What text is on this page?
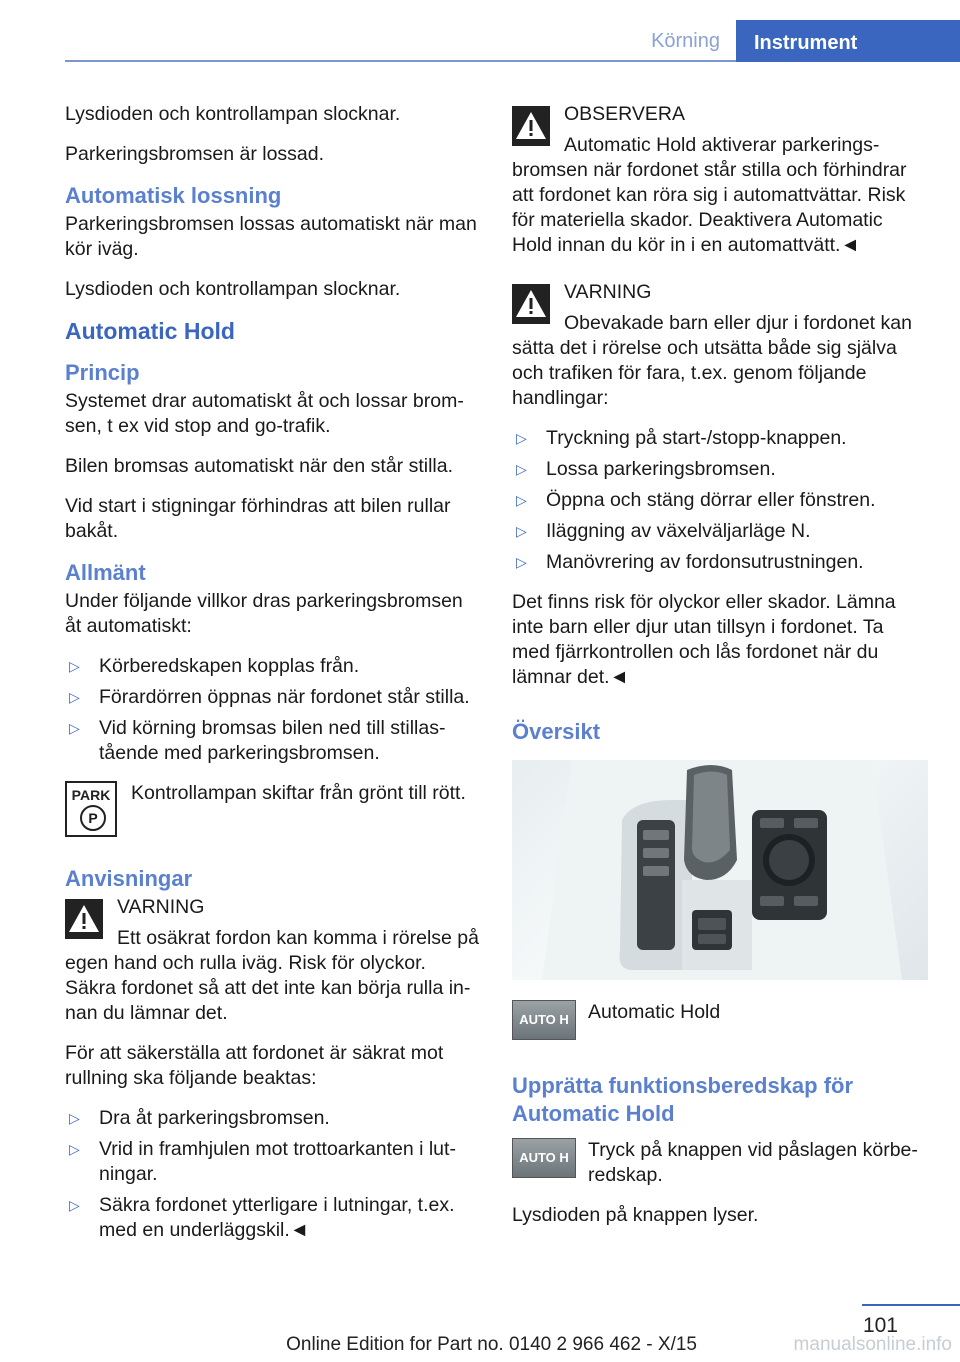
Körning	Instrument

Lysdioden och kontrollampan slocknar.

Parkeringsbromsen är lossad.

Automatisk lossning

Parkeringsbromsen lossas automatiskt när man kör iväg.

Lysdioden och kontrollampan slocknar.

Automatic Hold
Princip

Systemet drar automatiskt åt och lossar brom‐sen, t ex vid stop and go-trafik.

Bilen bromsas automatiskt när den står stilla.

Vid start i stigningar förhindras att bilen rullar bakåt.

Allmänt

Under följande villkor dras parkeringsbromsen åt automatiskt:

▷ Körberedskapen kopplas från.
▷ Förardörren öppnas när fordonet står stilla.
▷ Vid körning bromsas bilen ned till stillas‐tående med parkeringsbromsen.
PARK
P

Kontrollampan skiftar från grönt till rött.

Anvisningar

VARNING

Ett osäkrat fordon kan komma i rörelse på egen hand och rulla iväg. Risk för olyckor. Säkra fordonet så att det inte kan börja rulla in‐nan du lämnar det.

För att säkerställa att fordonet är säkrat mot rullning ska följande beaktas:

▷ Dra åt parkeringsbromsen.
▷ Vrid in framhjulen mot trottoarkanten i lut‐ningar.
▷ Säkra fordonet ytterligare i lutningar, t.ex. med en underläggskil.◄

OBSERVERA

Automatic Hold aktiverar parkerings‐bromsen när fordonet står stilla och förhindrar att fordonet kan röra sig i automattvättar. Risk för materiella skador. Deaktivera Automatic Hold innan du kör in i en automattvätt.◄

VARNING

Obevakade barn eller djur i fordonet kan sätta det i rörelse och utsätta både sig själva och trafiken för fara, t.ex. genom följande handlingar:

▷ Tryckning på start-/stopp-knappen.
▷ Lossa parkeringsbromsen.
▷ Öppna och stäng dörrar eller fönstren.
▷ Iläggning av växelväljarläge N.
▷ Manövrering av fordonsutrustningen.

Det finns risk för olyckor eller skador. Lämna inte barn eller djur utan tillsyn i fordonet. Ta med fjärrkontrollen och lås fordonet när du lämnar det.◄

Översikt
AUTO H Automatic Hold

Upprätta funktionsberedskap för Automatic Hold
AUTO H Tryck på knappen vid påslagen körbe‐redskap.

Lysdioden på knappen lyser.

101
Online Edition for Part no. 0140 2 966 462 - X/15	manualsonline.info
